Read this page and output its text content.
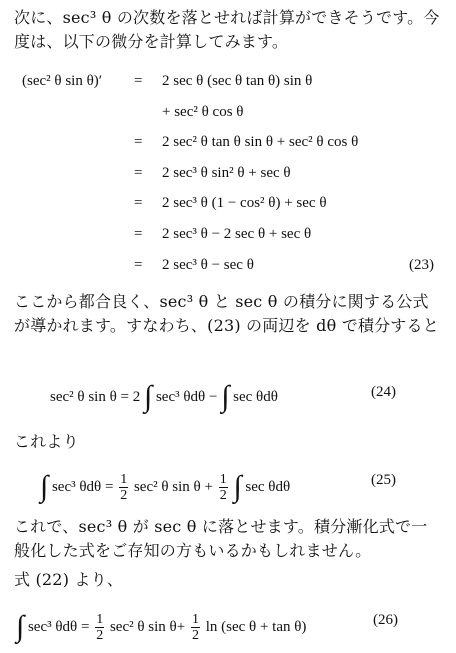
次に、sec³ θ の次数を落とせれば計算ができそうです。今度は、以下の微分を計算してみます。
(sec² θ sin θ)′ = 2 sec θ (sec θ tan θ) sin θ
+ sec² θ cos θ
= 2 sec² θ tan θ sin θ + sec² θ cos θ
= 2 sec³ θ sin² θ + sec θ
= 2 sec³ θ (1 − cos² θ) + sec θ
= 2 sec³ θ − 2 sec θ + sec θ
= 2 sec³ θ − sec θ	(23)
ここから都合良く、sec³ θ と sec θ の積分に関する公式が導かれます。すなわち、(23) の両辺を dθ で積分すると
sec² θ sin θ = 2 ∫ sec³ θdθ − ∫ sec θdθ	(24)
これより
∫ sec³ $\theta d\theta = \frac{1}{2} \sec^2$ θ $\sin \theta + \frac{1}{2}$ ∫ sec θdθ	(25)
これで、sec³ θ が sec θ に落とせます。積分漸化式で一般化した式をご存知の方もいるかもしれません。
式 (22) より、
∫ sec³ $\theta d\theta = \frac{1}{2} \sec^2$ θ $\sin \theta+ \frac{1}{2}$ ln (sec θ + tan θ)	(26)
